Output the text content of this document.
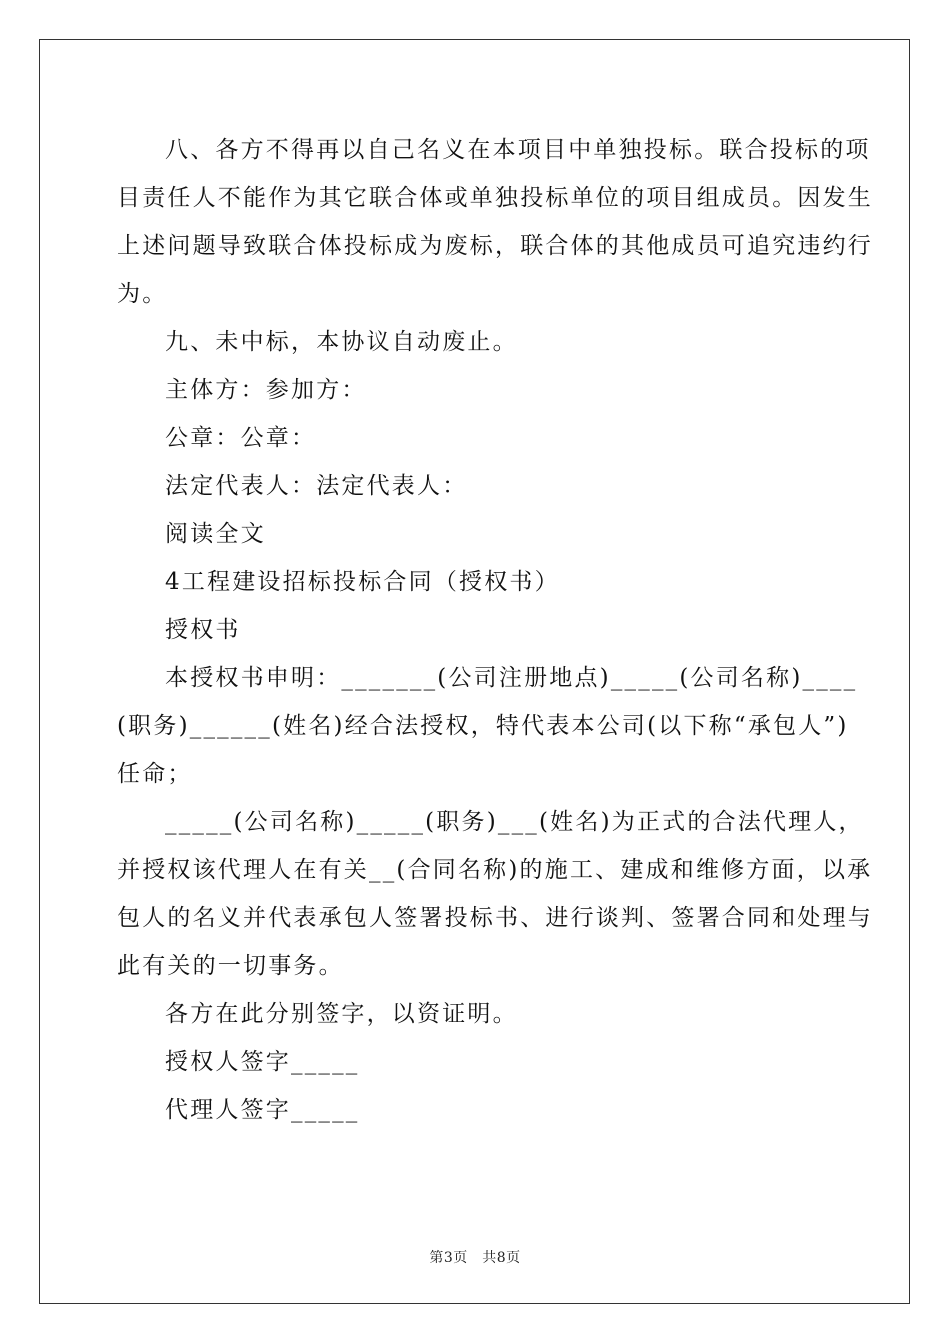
八、各方不得再以自己名义在本项目中单独投标。联合投标的项

目责任人不能作为其它联合体或单独投标单位的项目组成员。因发生

上述问题导致联合体投标成为废标，联合体的其他成员可追究违约行

为。

九、未中标，本协议自动废止。

主体方：参加方：

公章：公章：

法定代表人：法定代表人：

阅读全文

4工程建设招标投标合同（授权书）

授权书

本授权书申明：_______(公司注册地点)_____(公司名称)____

(职务)______(姓名)经合法授权，特代表本公司(以下称“承包人”)

任命；

_____(公司名称)_____(职务)___(姓名)为正式的合法代理人，

并授权该代理人在有关__(合同名称)的施工、建成和维修方面，以承

包人的名义并代表承包人签署投标书、进行谈判、签署合同和处理与

此有关的一切事务。

各方在此分别签字，以资证明。

授权人签字_____

代理人签字_____

第3页　共8页
